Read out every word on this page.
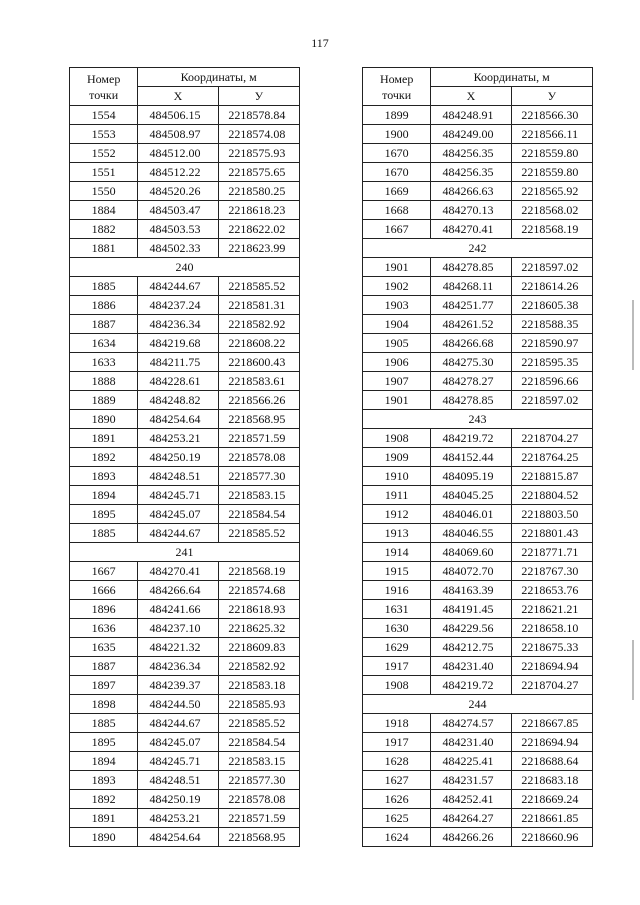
117
Номер точки	Координаты, м	
	X	У
1554	484506.15	2218578.84
1553	484508.97	2218574.08
1552	484512.00	2218575.93
1551	484512.22	2218575.65
1550	484520.26	2218580.25
1884	484503.47	2218618.23
1882	484503.53	2218622.02
1881	484502.33	2218623.99
240		
1885	484244.67	2218585.52
1886	484237.24	2218581.31
1887	484236.34	2218582.92
1634	484219.68	2218608.22
1633	484211.75	2218600.43
1888	484228.61	2218583.61
1889	484248.82	2218566.26
1890	484254.64	2218568.95
1891	484253.21	2218571.59
1892	484250.19	2218578.08
1893	484248.51	2218577.30
1894	484245.71	2218583.15
1895	484245.07	2218584.54
1885	484244.67	2218585.52
241		
1667	484270.41	2218568.19
1666	484266.64	2218574.68
1896	484241.66	2218618.93
1636	484237.10	2218625.32
1635	484221.32	2218609.83
1887	484236.34	2218582.92
1897	484239.37	2218583.18
1898	484244.50	2218585.93
1885	484244.67	2218585.52
1895	484245.07	2218584.54
1894	484245.71	2218583.15
1893	484248.51	2218577.30
1892	484250.19	2218578.08
1891	484253.21	2218571.59
1890	484254.64	2218568.95
Номер точки	Координаты, м	
	X	У
1899	484248.91	2218566.30
1900	484249.00	2218566.11
1670	484256.35	2218559.80
1670	484256.35	2218559.80
1669	484266.63	2218565.92
1668	484270.13	2218568.02
1667	484270.41	2218568.19
242		
1901	484278.85	2218597.02
1902	484268.11	2218614.26
1903	484251.77	2218605.38
1904	484261.52	2218588.35
1905	484266.68	2218590.97
1906	484275.30	2218595.35
1907	484278.27	2218596.66
1901	484278.85	2218597.02
243		
1908	484219.72	2218704.27
1909	484152.44	2218764.25
1910	484095.19	2218815.87
1911	484045.25	2218804.52
1912	484046.01	2218803.50
1913	484046.55	2218801.43
1914	484069.60	2218771.71
1915	484072.70	2218767.30
1916	484163.39	2218653.76
1631	484191.45	2218621.21
1630	484229.56	2218658.10
1629	484212.75	2218675.33
1917	484231.40	2218694.94
1908	484219.72	2218704.27
244		
1918	484274.57	2218667.85
1917	484231.40	2218694.94
1628	484225.41	2218688.64
1627	484231.57	2218683.18
1626	484252.41	2218669.24
1625	484264.27	2218661.85
1624	484266.26	2218660.96
